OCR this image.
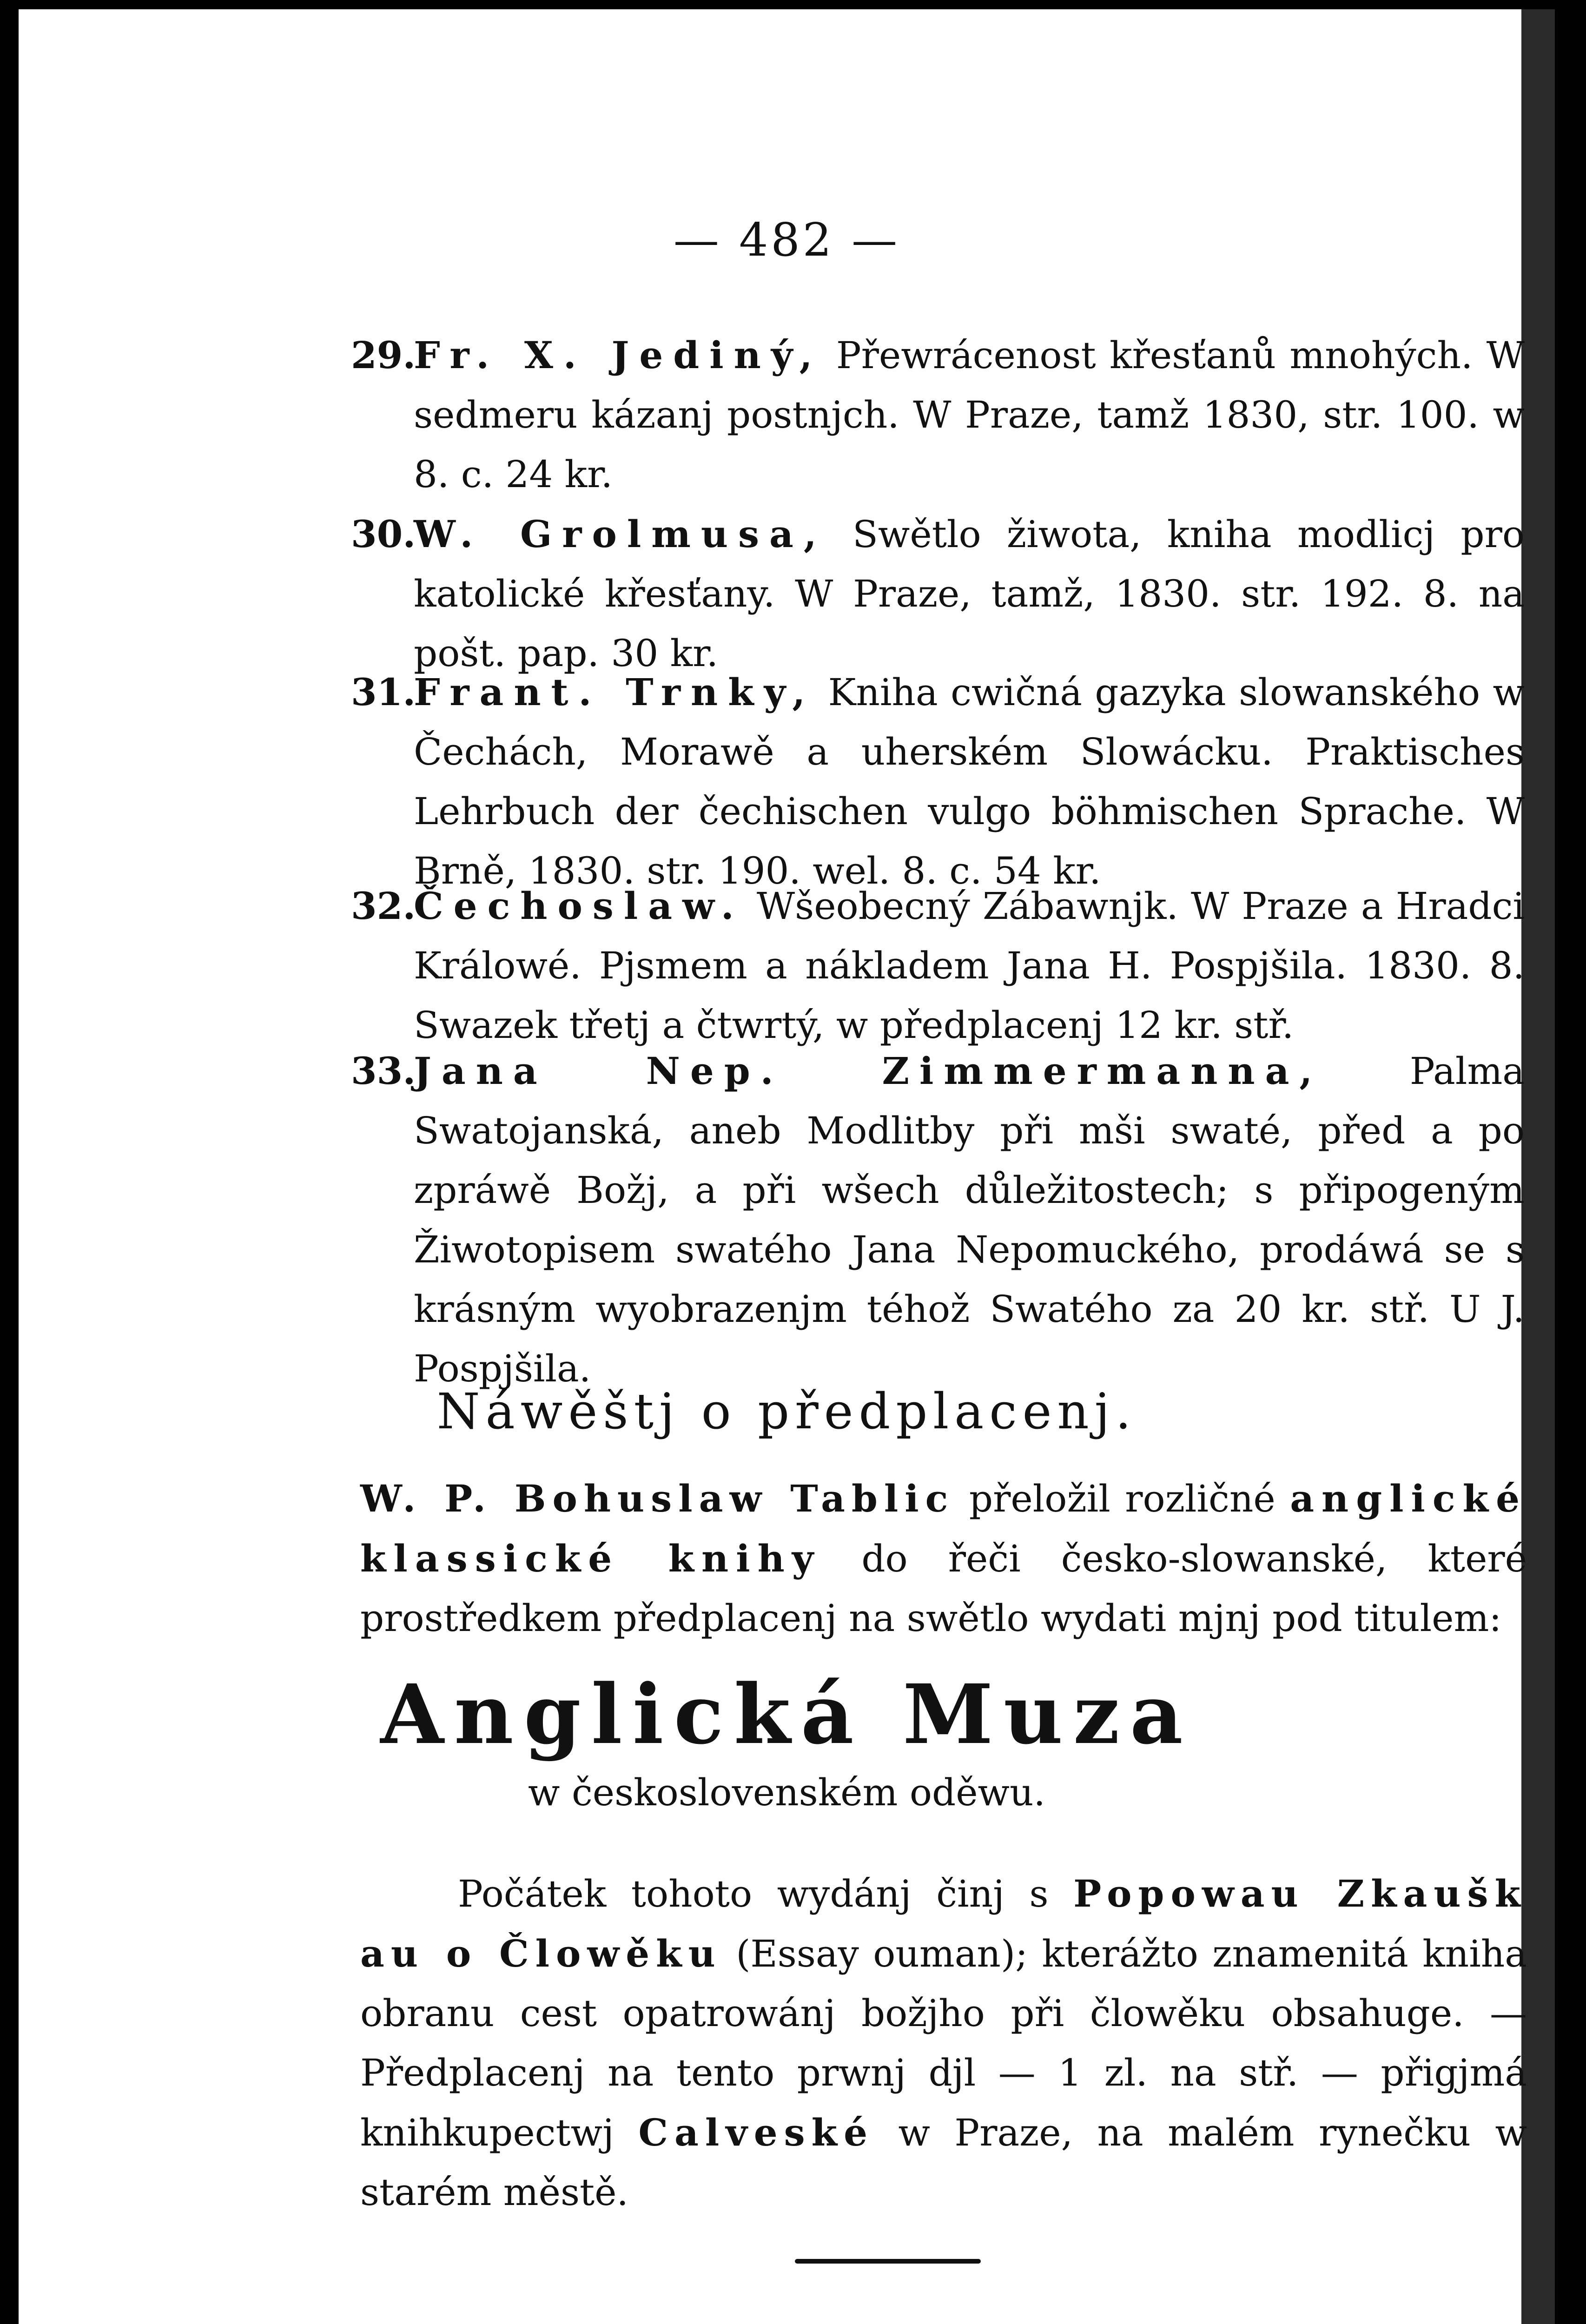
— 482 —
29.
Fr. X. Jediný, Přewrácenost křesťanů mnohých. W sedmeru kázanj postnjch. W Praze, tamž 1830, str. 100. w 8. c. 24 kr.
30.
W. Grolmusa, Swětlo žiwota, kniha modlicj pro katolické křesťany. W Praze, tamž, 1830. str. 192. 8. na pošt. pap. 30 kr.
31.
Frant. Trnky, Kniha cwičná gazyka slowanského w Čechách, Morawě a uherském Slowácku. Praktisches Lehrbuch der čechischen vulgo böhmischen Sprache. W Brně, 1830. str. 190. wel. 8. c. 54 kr.
32.
Čechoslaw. Wšeobecný Zábawnjk. W Praze a Hradci Králowé. Pjsmem a nákladem Jana H. Pospjšila. 1830. 8. Swazek třetj a čtwrtý, w předplacenj 12 kr. stř.
33.
Jana Nep. Zimmermanna, Palma Swatojanská, aneb Modlitby při mši swaté, před a po zpráwě Božj, a při wšech důležitostech; s připogeným Žiwotopisem swatého Jana Nepomuckého, prodáwá se s krásným wyobrazenjm téhož Swatého za 20 kr. stř. U J. Pospjšila.
Náwěštj o předplacenj.
W. P. Bohuslaw Tablic přeložil rozličné anglické klassické knihy do řeči česko-slowanské, které prostředkem předplacenj na swětlo wydati mjnj pod titulem:
Anglická Muza
w československém oděwu.
Počátek tohoto wydánj činj s Popowau Zkaušk au o Člowěku (Essay ouman); kterážto znamenitá kniha obranu cest opatrowánj božjho při člowěku obsahuge. — Předplacenj na tento prwnj djl — 1 zl. na stř. — přigjmá knihkupectwj Calveské w Praze, na malém rynečku w starém městě.
